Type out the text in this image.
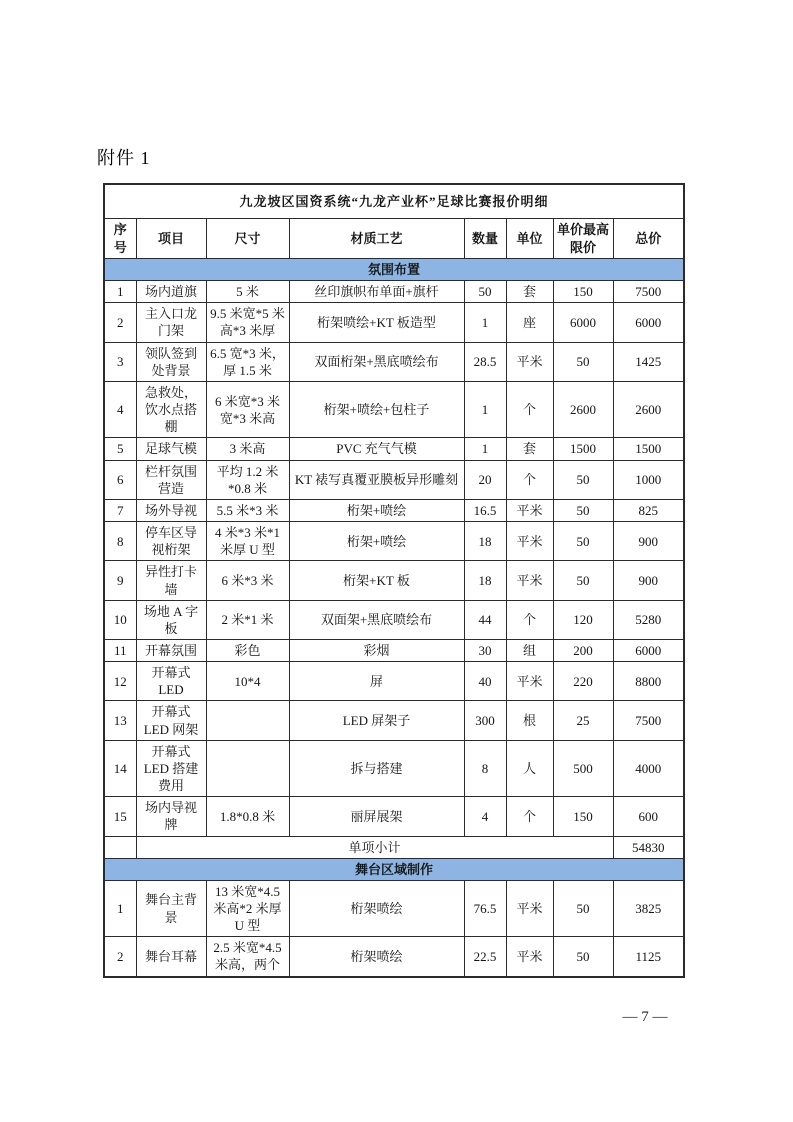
附件 1
九龙坡区国资系统“九龙产业杯”足球比赛报价明细							
序号	项目	尺寸	材质工艺	数量	单位	单价最高限价	总价
氛围布置							
1	场内道旗	5 米	丝印旗帜布单面+旗杆	50	套	150	7500
2	主入口龙门架	9.5 米宽*5 米高*3 米厚	桁架喷绘+KT 板造型	1	座	6000	6000
3	领队签到处背景	6.5 宽*3 米，厚 1.5 米	双面桁架+黑底喷绘布	28.5	平米	50	1425
4	急救处，饮水点搭棚	6 米宽*3 米宽*3 米高	桁架+喷绘+包柱子	1	个	2600	2600
5	足球气模	3 米高	PVC 充气气模	1	套	1500	1500
6	栏杆氛围营造	平均 1.2 米*0.8 米	KT 裱写真覆亚膜板异形雕刻	20	个	50	1000
7	场外导视	5.5 米*3 米	桁架+喷绘	16.5	平米	50	825
8	停车区导视桁架	4 米*3 米*1 米厚 U 型	桁架+喷绘	18	平米	50	900
9	异性打卡墙	6 米*3 米	桁架+KT 板	18	平米	50	900
10	场地 A 字板	2 米*1 米	双面架+黑底喷绘布	44	个	120	5280
11	开幕氛围	彩色	彩烟	30	组	200	6000
12	开幕式 LED	10*4	屏	40	平米	220	8800
13	开幕式 LED 网架		LED 屏架子	300	根	25	7500
14	开幕式 LED 搭建费用		拆与搭建	8	人	500	4000
15	场内导视牌	1.8*0.8 米	丽屏展架	4	个	150	600
	单项小计						54830
舞台区域制作							
1	舞台主背景	13 米宽*4.5 米高*2 米厚 U 型	桁架喷绘	76.5	平米	50	3825
2	舞台耳幕	2.5 米宽*4.5 米高，两个	桁架喷绘	22.5	平米	50	1125
— 7 —
